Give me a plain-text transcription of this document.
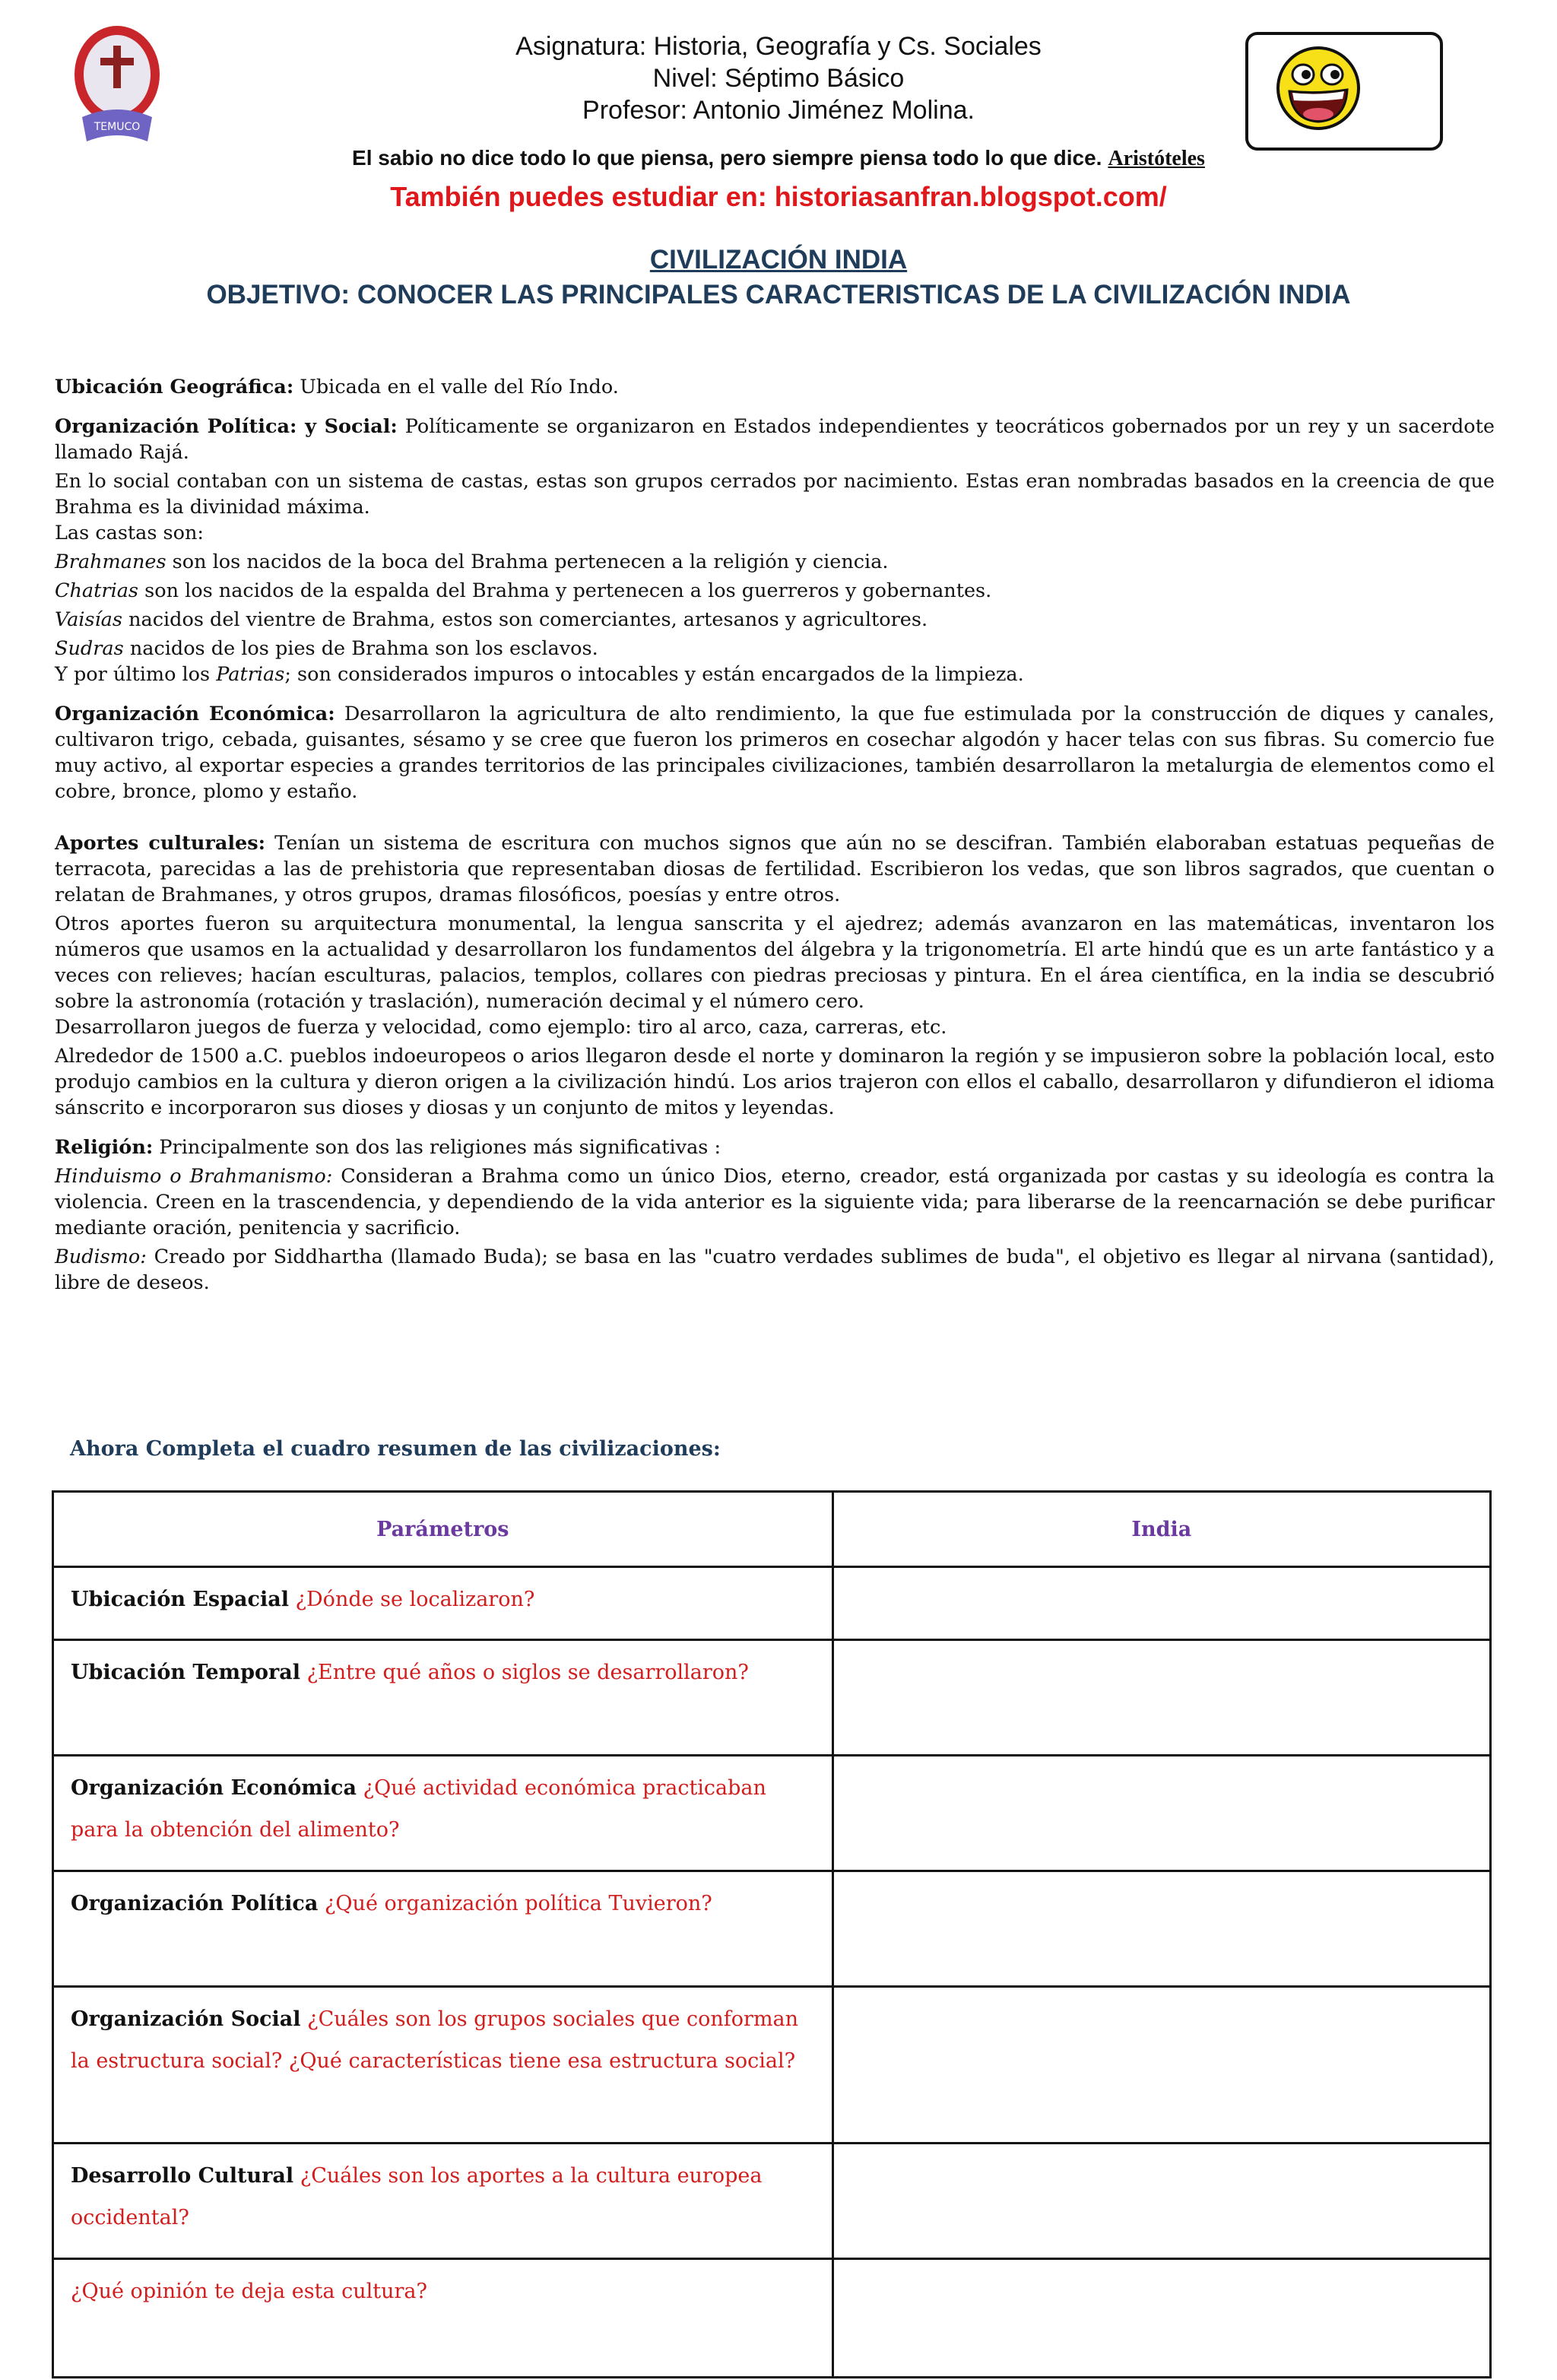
TEMUCO
Asignatura: Historia, Geografía y Cs. Sociales
Nivel: Séptimo Básico
Profesor: Antonio Jiménez Molina.
El sabio no dice todo lo que piensa, pero siempre piensa todo lo que dice. Aristóteles
También puedes estudiar en: historiasanfran.blogspot.com/
CIVILIZACIÓN INDIA
OBJETIVO: CONOCER LAS PRINCIPALES CARACTERISTICAS DE LA CIVILIZACIÓN INDIA

Ubicación Geográfica: Ubicada en el valle del Río Indo.

Organización Política: y Social: Políticamente se organizaron en Estados independientes y teocráticos gobernados por un rey y un sacerdote llamado Rajá.

En lo social contaban con un sistema de castas, estas son grupos cerrados por nacimiento. Estas eran nombradas basados en la creencia de que Brahma es la divinidad máxima.

Las castas son:

Brahmanes son los nacidos de la boca del Brahma pertenecen a la religión y ciencia.

Chatrias son los nacidos de la espalda del Brahma y pertenecen a los guerreros y gobernantes.

Vaisías nacidos del vientre de Brahma, estos son comerciantes, artesanos y agricultores.

Sudras nacidos de los pies de Brahma son los esclavos.

Y por último los Patrias; son considerados impuros o intocables y están encargados de la limpieza.

Organización Económica: Desarrollaron la agricultura de alto rendimiento, la que fue estimulada por la construcción de diques y canales, cultivaron trigo, cebada, guisantes, sésamo y se cree que fueron los primeros en cosechar algodón y hacer telas con sus fibras. Su comercio fue muy activo, al exportar especies a grandes territorios de las principales civilizaciones, también desarrollaron la metalurgia de elementos como el cobre, bronce, plomo y estaño.

Aportes culturales: Tenían un sistema de escritura con muchos signos que aún no se descifran. También elaboraban estatuas pequeñas de terracota, parecidas a las de prehistoria que representaban diosas de fertilidad. Escribieron los vedas, que son libros sagrados, que cuentan o relatan de Brahmanes, y otros grupos, dramas filosóficos, poesías y entre otros.

Otros aportes fueron su arquitectura monumental, la lengua sanscrita y el ajedrez; además avanzaron en las matemáticas, inventaron los números que usamos en la actualidad y desarrollaron los fundamentos del álgebra y la trigonometría. El arte hindú que es un arte fantástico y a veces con relieves; hacían esculturas, palacios, templos, collares con piedras preciosas y pintura. En el área científica, en la india se descubrió sobre la astronomía (rotación y traslación), numeración decimal y el número cero.

Desarrollaron juegos de fuerza y velocidad, como ejemplo: tiro al arco, caza, carreras, etc.

Alrededor de 1500 a.C. pueblos indoeuropeos o arios llegaron desde el norte y dominaron la región y se impusieron sobre la población local, esto produjo cambios en la cultura y dieron origen a la civilización hindú. Los arios trajeron con ellos el caballo, desarrollaron y difundieron el idioma sánscrito e incorporaron sus dioses y diosas y un conjunto de mitos y leyendas.

Religión: Principalmente son dos las religiones más significativas :

Hinduismo o Brahmanismo: Consideran a Brahma como un único Dios, eterno, creador, está organizada por castas y su ideología es contra la violencia. Creen en la trascendencia, y dependiendo de la vida anterior es la siguiente vida; para liberarse de la reencarnación se debe purificar mediante oración, penitencia y sacrificio.

Budismo: Creado por Siddhartha (llamado Buda); se basa en las "cuatro verdades sublimes de buda", el objetivo es llegar al nirvana (santidad), libre de deseos.

Ahora Completa el cuadro resumen de las civilizaciones:
Parámetros	India
Ubicación Espacial ¿Dónde se localizaron?	
Ubicación Temporal ¿Entre qué años o siglos se desarrollaron?	
Organización Económica ¿Qué actividad económica practicaban para la obtención del alimento?	
Organización Política ¿Qué organización política Tuvieron?	
Organización Social ¿Cuáles son los grupos sociales que conforman la estructura social? ¿Qué características tiene esa estructura social?	
Desarrollo Cultural ¿Cuáles son los aportes a la cultura europea occidental?	
¿Qué opinión te deja esta cultura?	
